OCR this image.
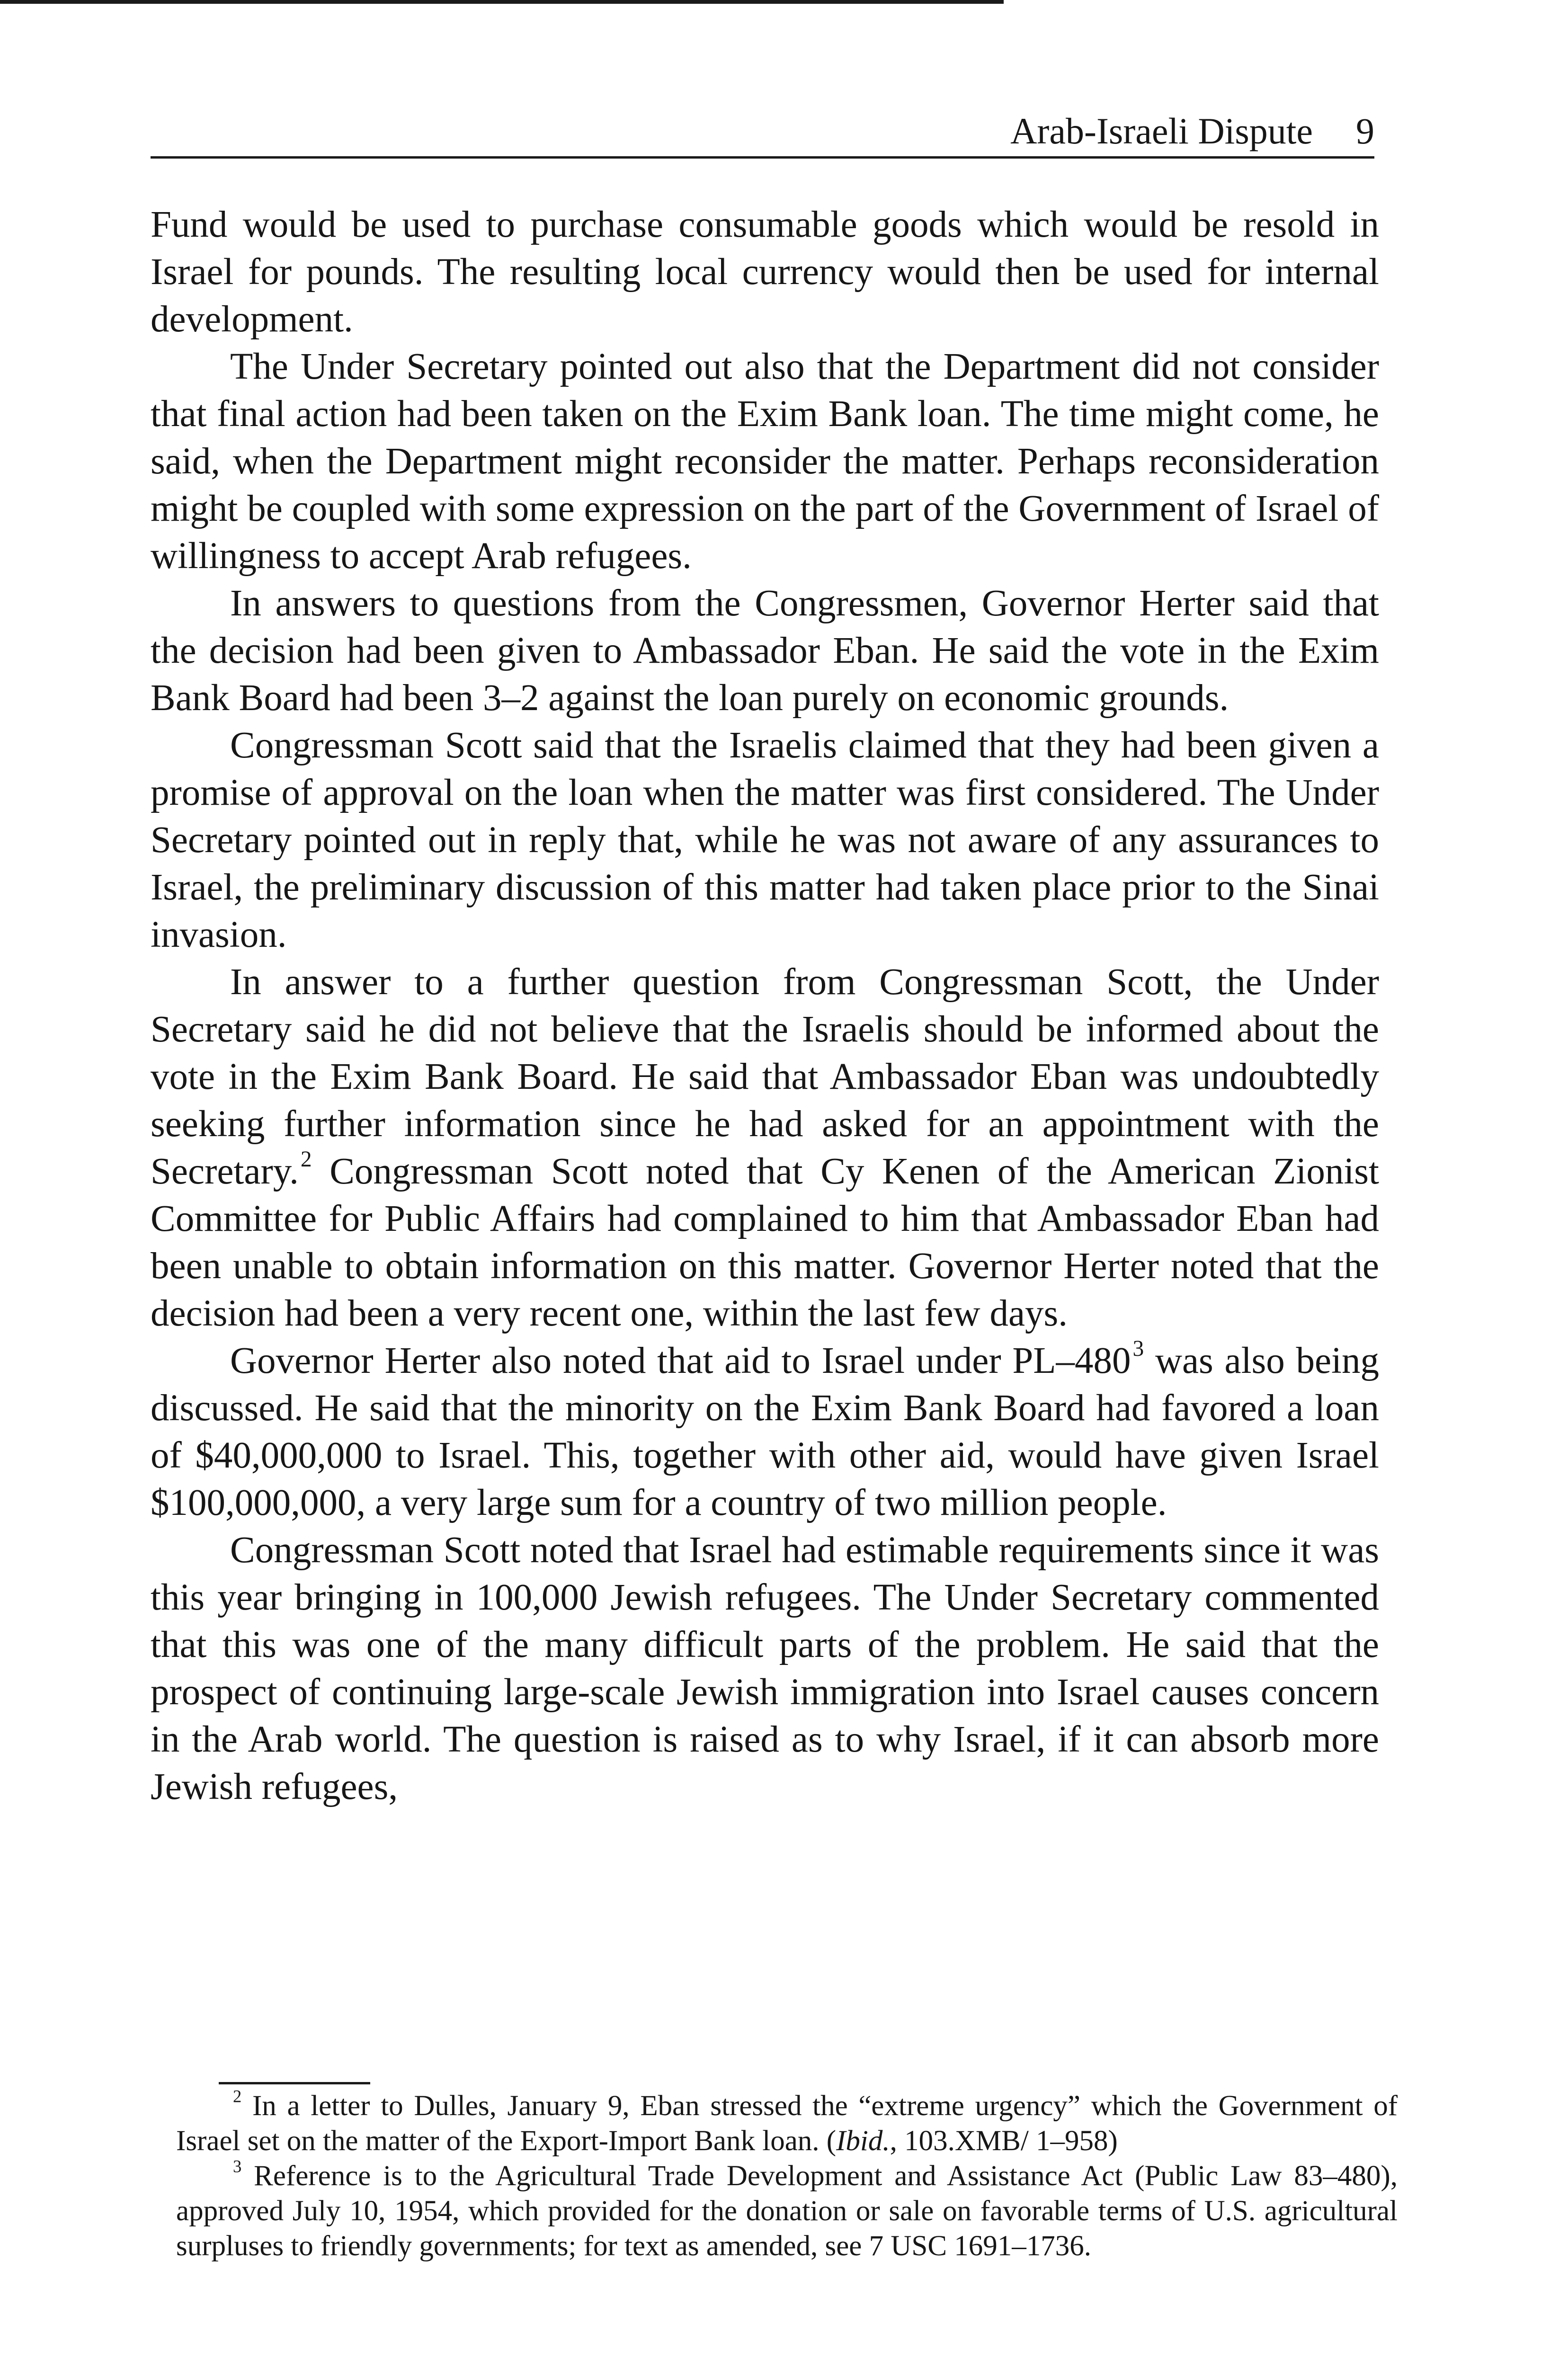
Arab-Israeli Dispute 9

Fund would be used to purchase consumable goods which would be resold in Israel for pounds. The resulting local currency would then be used for internal development.

The Under Secretary pointed out also that the Department did not consider that final action had been taken on the Exim Bank loan. The time might come, he said, when the Department might reconsider the matter. Perhaps reconsideration might be coupled with some expression on the part of the Government of Israel of willingness to accept Arab refugees.

In answers to questions from the Congressmen, Governor Herter said that the decision had been given to Ambassador Eban. He said the vote in the Exim Bank Board had been 3–2 against the loan purely on economic grounds.

Congressman Scott said that the Israelis claimed that they had been given a promise of approval on the loan when the matter was first considered. The Under Secretary pointed out in reply that, while he was not aware of any assurances to Israel, the preliminary discussion of this matter had taken place prior to the Sinai invasion.

In answer to a further question from Congressman Scott, the Under Secretary said he did not believe that the Israelis should be informed about the vote in the Exim Bank Board. He said that Ambassador Eban was undoubtedly seeking further information since he had asked for an appointment with the Secretary.$^2$ Congressman Scott noted that Cy Kenen of the American Zionist Committee for Public Affairs had complained to him that Ambassador Eban had been unable to obtain information on this matter. Governor Herter noted that the decision had been a very recent one, within the last few days.

Governor Herter also noted that aid to Israel under PL–480$^3$ was also being discussed. He said that the minority on the Exim Bank Board had favored a loan of $40,000,000 to Israel. This, together with other aid, would have given Israel $100,000,000, a very large sum for a country of two million people.

Congressman Scott noted that Israel had estimable requirements since it was this year bringing in 100,000 Jewish refugees. The Under Secretary commented that this was one of the many difficult parts of the problem. He said that the prospect of continuing large-scale Jewish immigration into Israel causes concern in the Arab world. The question is raised as to why Israel, if it can absorb more Jewish refugees,

$^2$ In a letter to Dulles, January 9, Eban stressed the “extreme urgency” which the Government of Israel set on the matter of the Export-Import Bank loan. (Ibid., 103.XMB/ 1–958)

$^3$ Reference is to the Agricultural Trade Development and Assistance Act (Public Law 83–480), approved July 10, 1954, which provided for the donation or sale on favorable terms of U.S. agricultural surpluses to friendly governments; for text as amended, see 7 USC 1691–1736.
